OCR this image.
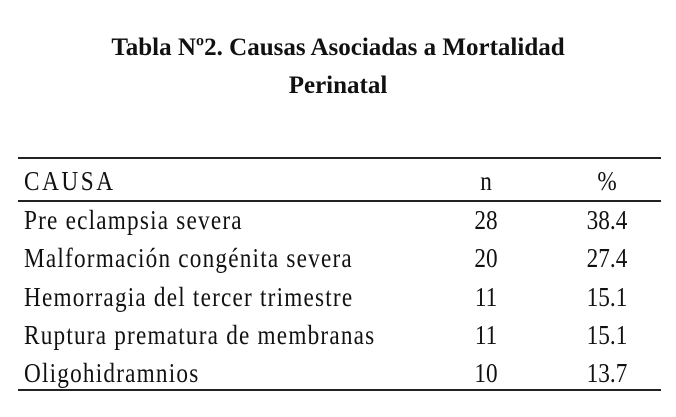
Tabla Nº2. Causas Asociadas a Mortalidad
Perinatal
CAUSA	n	%
Pre eclampsia severa	28	38.4
Malformación congénita severa	20	27.4
Hemorragia del tercer trimestre	11	15.1
Ruptura prematura de membranas	11	15.1
Oligohidramnios	10	13.7
